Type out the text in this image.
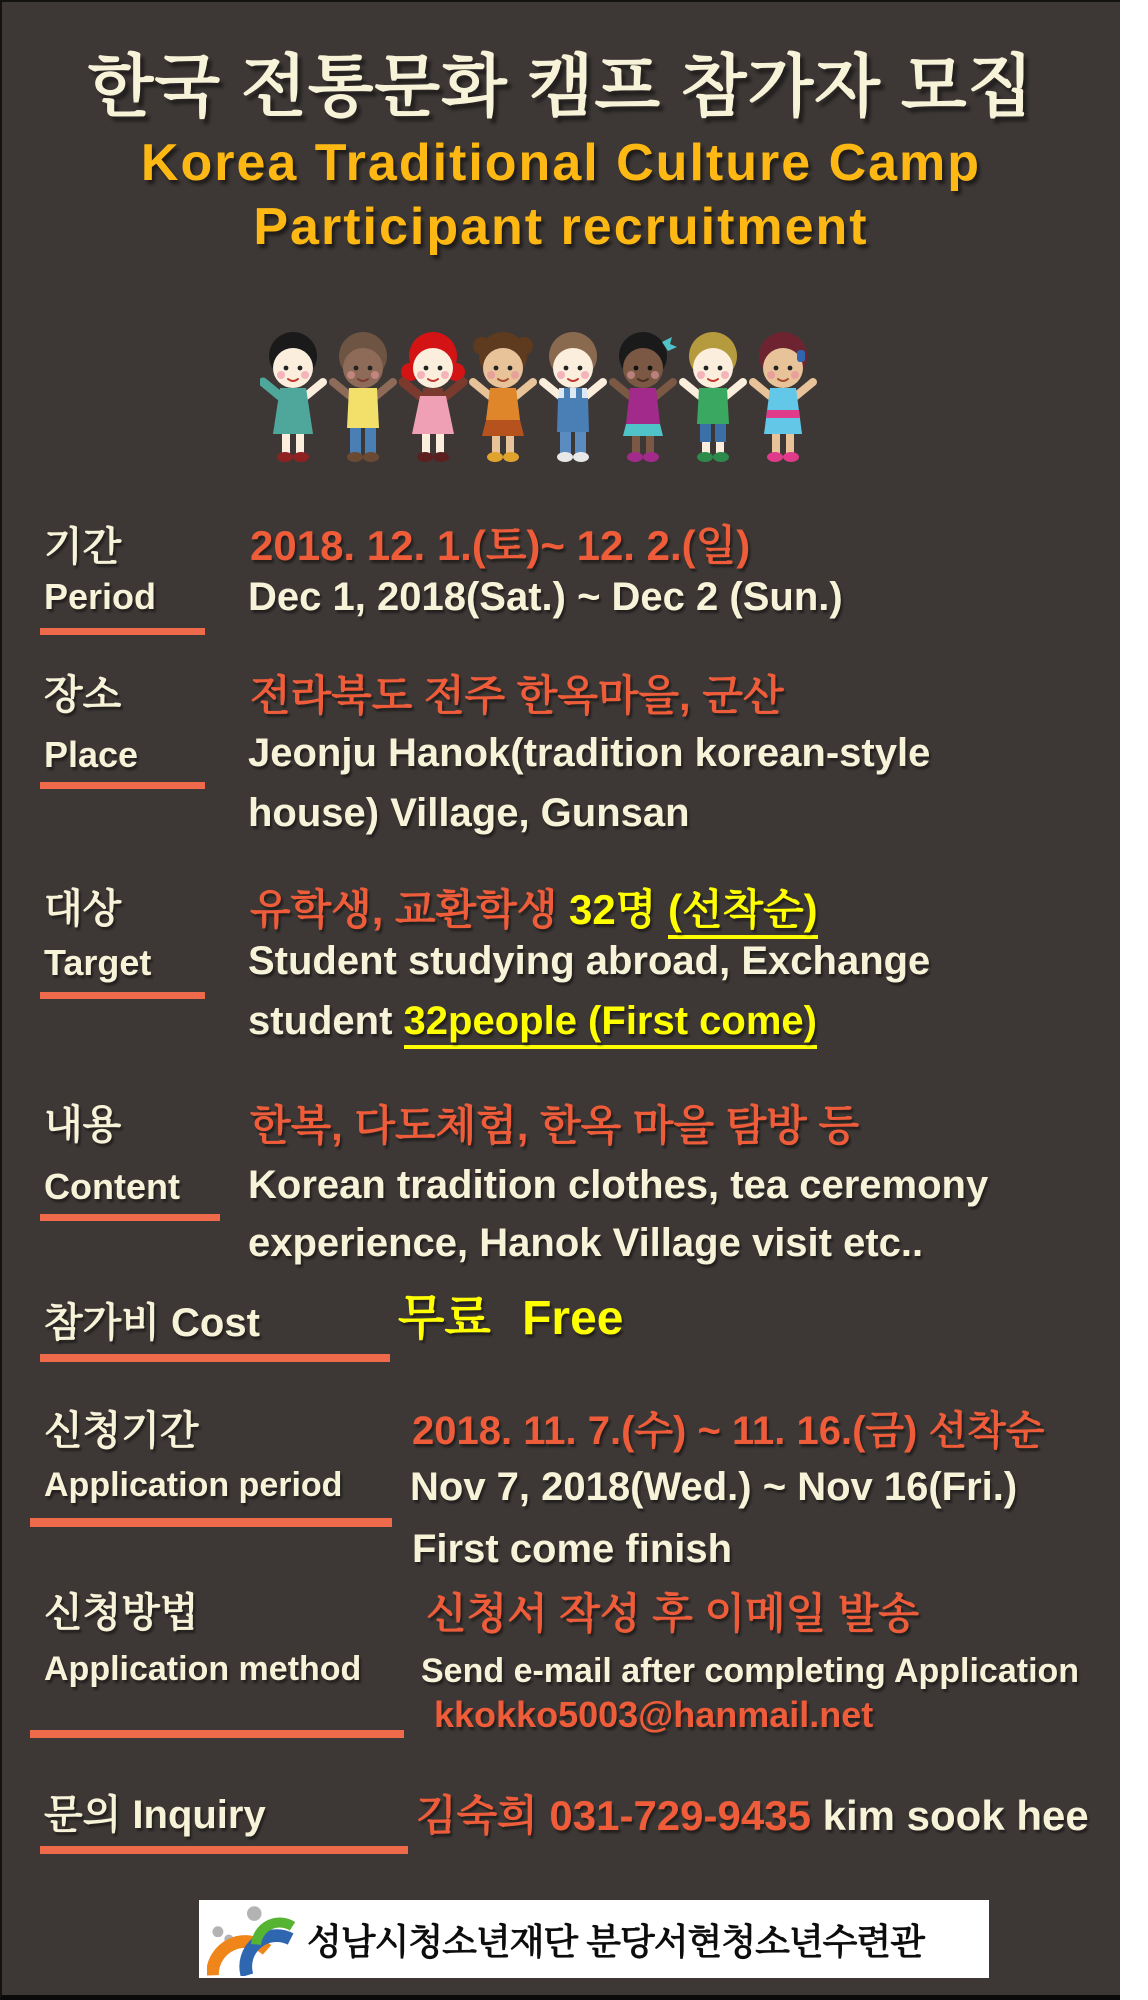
한국 전통문화 캠프 참가자 모집
Korea Traditional Culture Camp
Participant recruitment
기간
Period
2018. 12. 1.(토)~ 12. 2.(일)
Dec 1, 2018(Sat.) ~ Dec 2 (Sun.)
장소
Place
전라북도 전주 한옥마을, 군산
Jeonju Hanok(tradition korean-style
house) Village, Gunsan
대상
Target
유학생, 교환학생 32명 (선착순)
Student studying abroad, Exchange
student 32people (First come)
내용
Content
한복, 다도체험, 한옥 마을 탐방 등
Korean tradition clothes, tea ceremony
experience, Hanok Village visit etc..
참가비 Cost	무료 Free
신청기간
Application period
2018. 11. 7.(수) ~ 11. 16.(금) 선착순
Nov 7, 2018(Wed.) ~ Nov 16(Fri.)
First come finish
신청방법
Application method
신청서 작성 후 이메일 발송
Send e-mail after completing Application
kkokko5003@hanmail.net
문의 Inquiry	김숙희 031-729-9435 kim sook hee
성남시청소년재단 분당서현청소년수련관
